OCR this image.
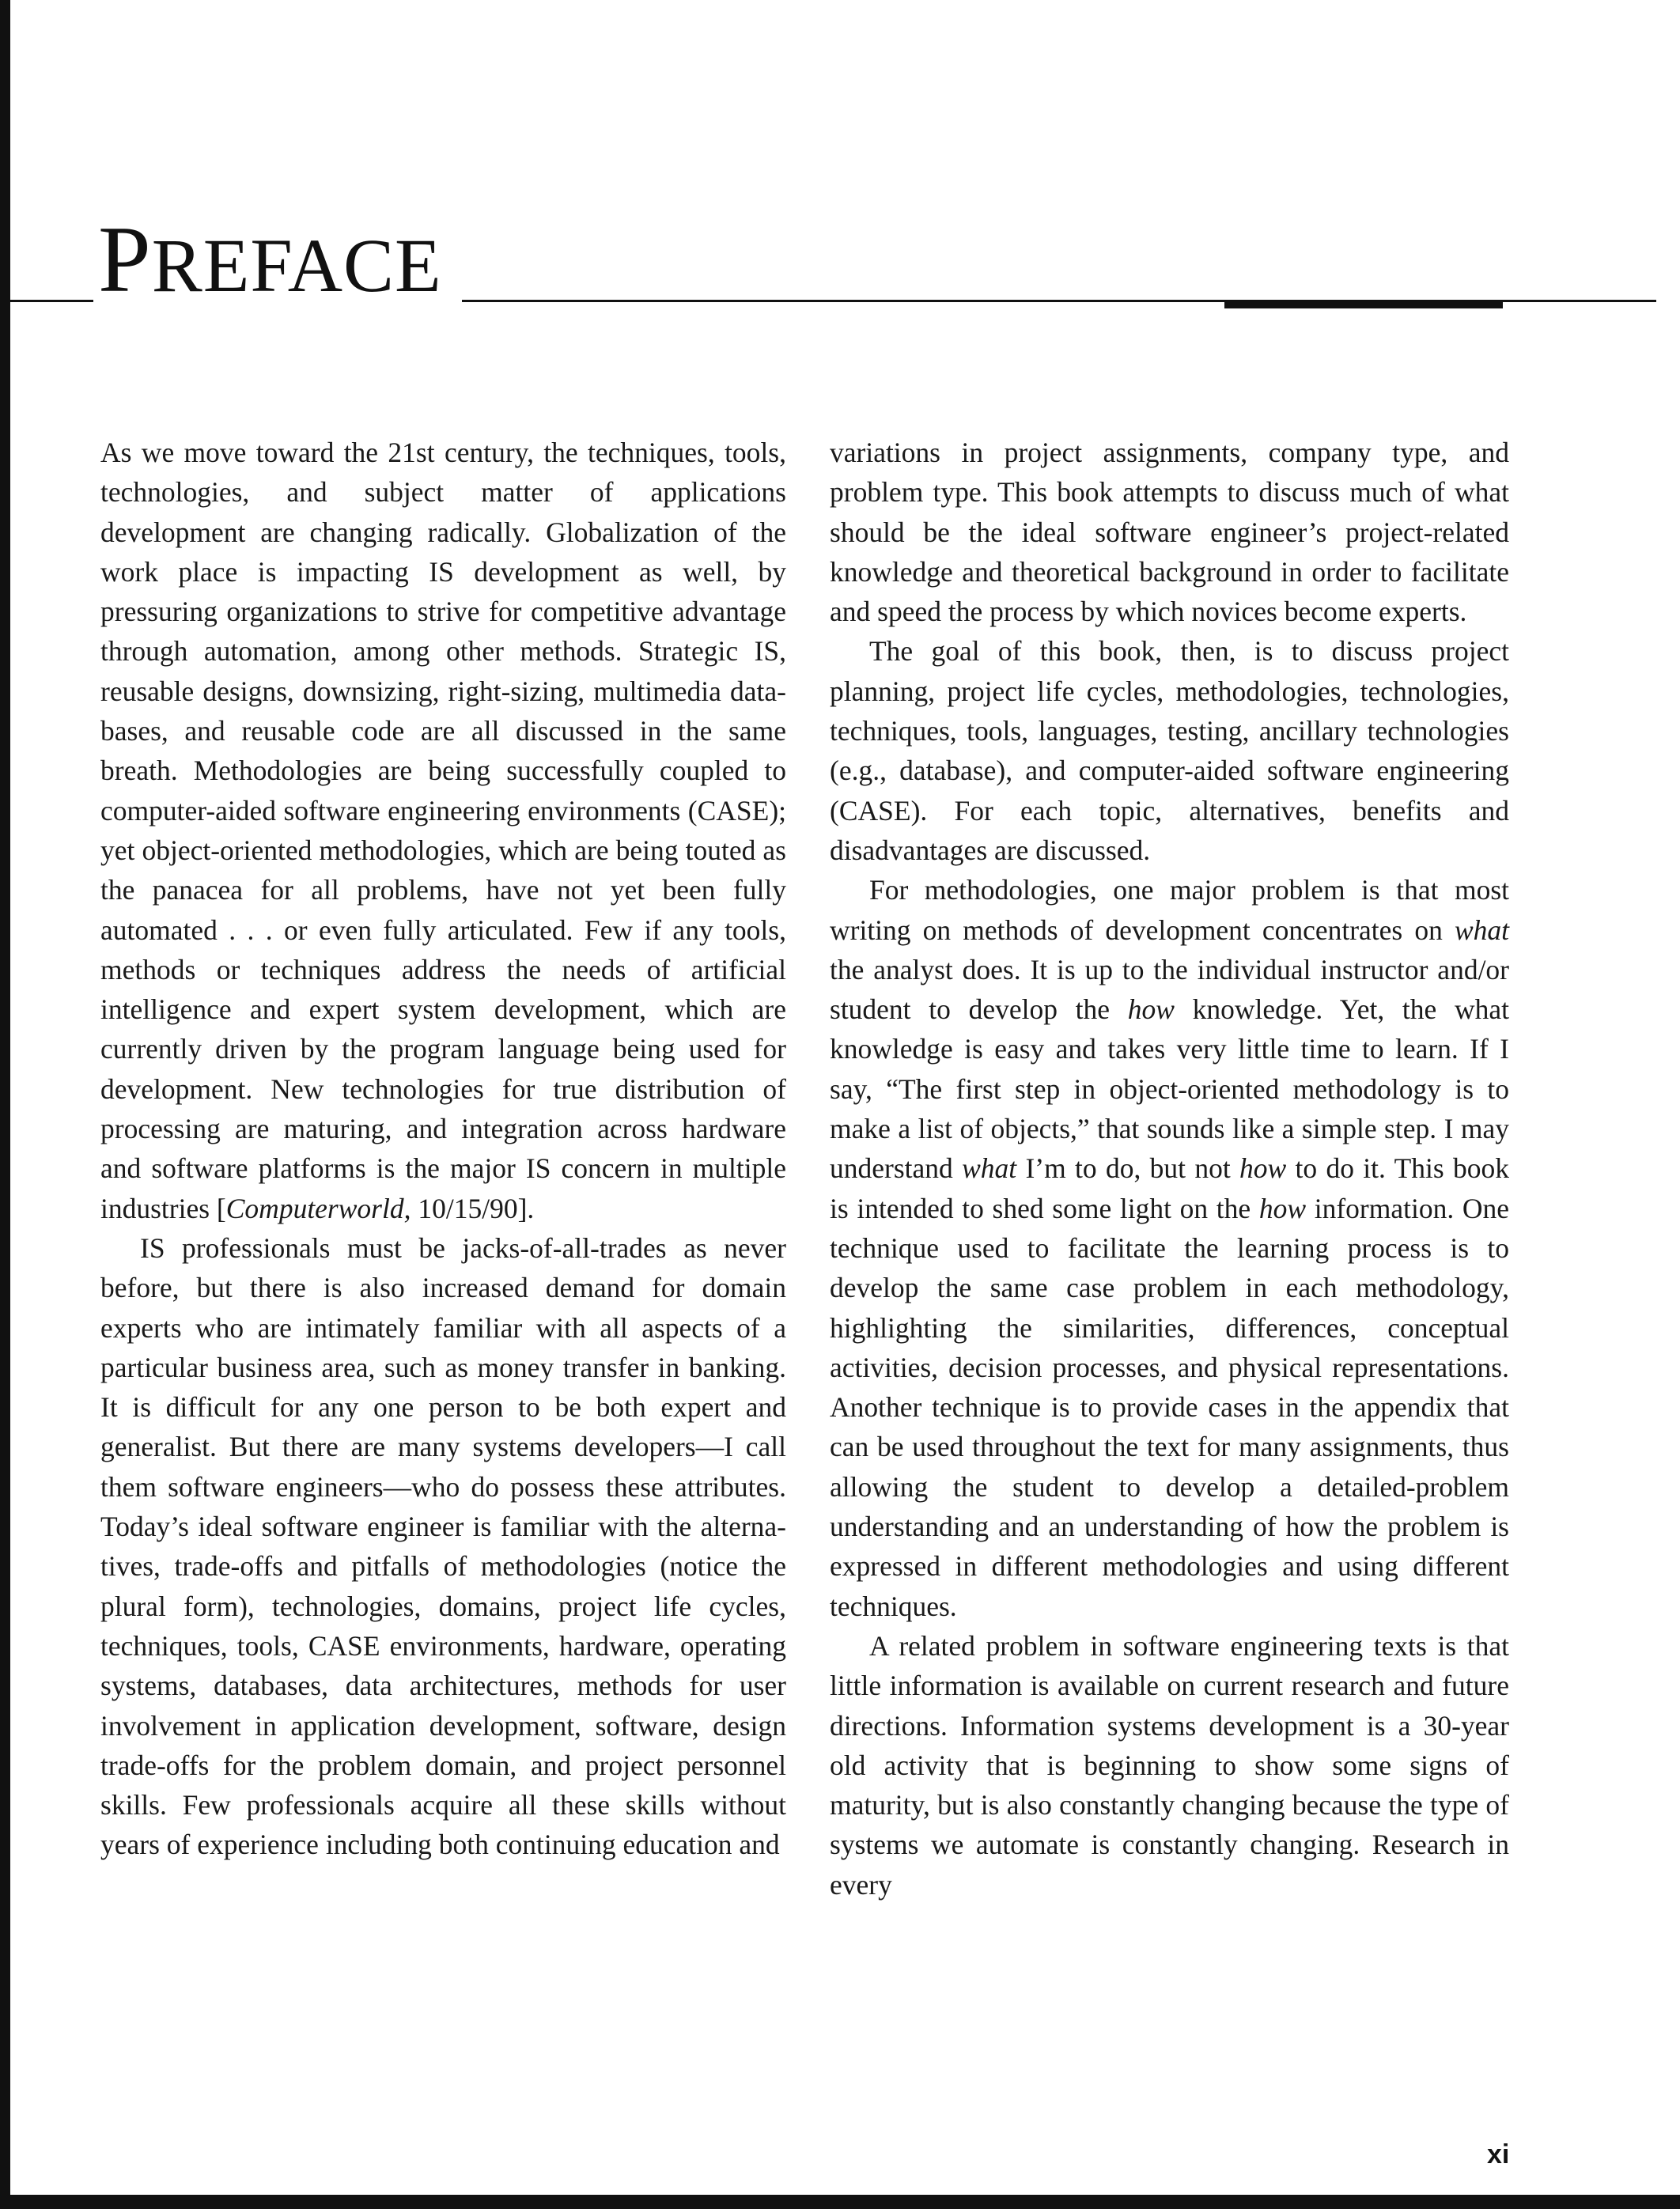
PREFACE

As we move toward the 21st century, the techniques, tools, technologies, and subject matter of applications development are changing radically. Globalization of the work place is impacting IS development as well, by pressuring organizations to strive for competitive advantage through automation, among other methods. Strategic IS, reusable designs, downsizing, right-sizing, multimedia databases, and reusable code are all discussed in the same breath. Methodologies are being successfully coupled to computer-aided software engineering environments (CASE); yet object-oriented methodologies, which are being touted as the panacea for all problems, have not yet been fully automated . . . or even fully articulated. Few if any tools, methods or techniques address the needs of artificial intelligence and expert system development, which are currently driven by the program language being used for development. New technologies for true distribution of processing are maturing, and integration across hardware and software platforms is the major IS concern in multiple industries [Computerworld, 10/15/90].

IS professionals must be jacks-of-all-trades as never before, but there is also increased demand for domain experts who are intimately familiar with all aspects of a particular business area, such as money transfer in banking. It is difficult for any one person to be both expert and generalist. But there are many systems developers—I call them software engineers—who do possess these attributes. Today’s ideal software engineer is familiar with the alternatives, trade-offs and pitfalls of methodologies (notice the plural form), technologies, domains, project life cycles, techniques, tools, CASE environments, hardware, operating systems, databases, data architectures, methods for user involvement in application development, software, design trade-offs for the problem domain, and project personnel skills. Few professionals acquire all these skills without years of experience including both continuing education and

variations in project assignments, company type, and problem type. This book attempts to discuss much of what should be the ideal software engineer’s project-related knowledge and theoretical background in order to facilitate and speed the process by which novices become experts.

The goal of this book, then, is to discuss project planning, project life cycles, methodologies, technologies, techniques, tools, languages, testing, ancillary technologies (e.g., database), and computer-aided software engineering (CASE). For each topic, alternatives, benefits and disadvantages are discussed.

For methodologies, one major problem is that most writing on methods of development concentrates on what the analyst does. It is up to the individual instructor and/or student to develop the how knowledge. Yet, the what knowledge is easy and takes very little time to learn. If I say, “The first step in object-oriented methodology is to make a list of objects,” that sounds like a simple step. I may understand what I’m to do, but not how to do it. This book is intended to shed some light on the how information. One technique used to facilitate the learning process is to develop the same case problem in each methodology, highlighting the similarities, differences, conceptual activities, decision processes, and physical representations. Another technique is to provide cases in the appendix that can be used throughout the text for many assignments, thus allowing the student to develop a detailed-problem understanding and an understanding of how the problem is expressed in different methodologies and using different techniques.

A related problem in software engineering texts is that little information is available on current research and future directions. Information systems development is a 30-year old activity that is beginning to show some signs of maturity, but is also constantly changing because the type of systems we automate is constantly changing. Research in every

xi
